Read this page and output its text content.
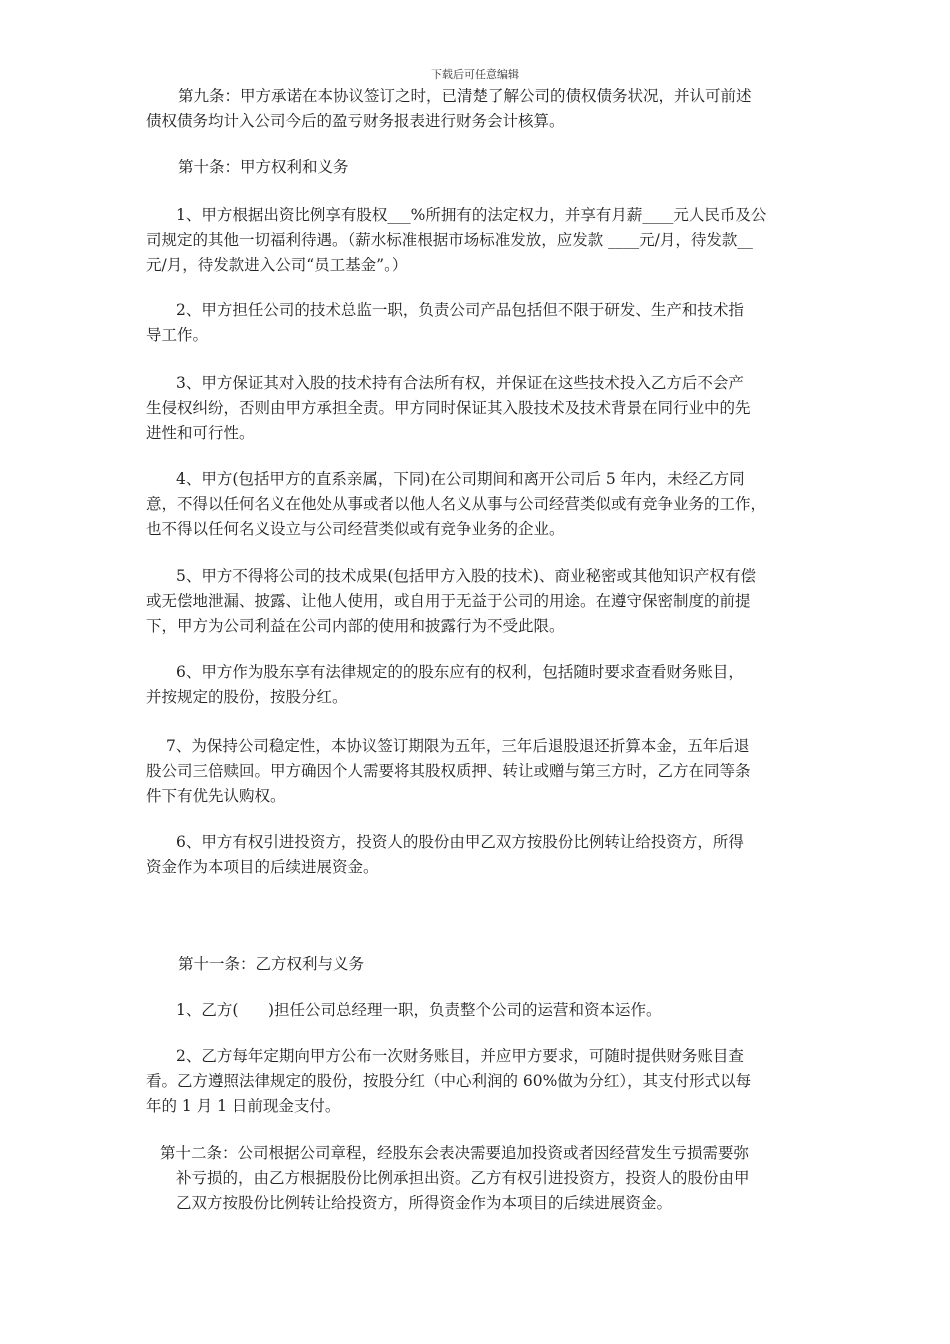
下载后可任意编辑
第九条：甲方承诺在本协议签订之时，已清楚了解公司的债权债务状况，并认可前述
债权债务均计入公司今后的盈亏财务报表进行财务会计核算。
第十条：甲方权利和义务
1、甲方根据出资比例享有股权___%所拥有的法定权力，并享有月薪____元人民币及公
司规定的其他一切福利待遇。（薪水标准根据市场标准发放，应发款 ____元/月，待发款__
元/月，待发款进入公司“员工基金”。）
2、甲方担任公司的技术总监一职，负责公司产品包括但不限于研发、生产和技术指
导工作。
3、甲方保证其对入股的技术持有合法所有权，并保证在这些技术投入乙方后不会产
生侵权纠纷，否则由甲方承担全责。甲方同时保证其入股技术及技术背景在同行业中的先
进性和可行性。
4、甲方(包括甲方的直系亲属，下同)在公司期间和离开公司后 5 年内，未经乙方同
意，不得以任何名义在他处从事或者以他人名义从事与公司经营类似或有竞争业务的工作，
也不得以任何名义设立与公司经营类似或有竞争业务的企业。
5、甲方不得将公司的技术成果(包括甲方入股的技术)、商业秘密或其他知识产权有偿
或无偿地泄漏、披露、让他人使用，或自用于无益于公司的用途。在遵守保密制度的前提
下，甲方为公司利益在公司内部的使用和披露行为不受此限。
6、甲方作为股东享有法律规定的的股东应有的权利，包括随时要求查看财务账目，
并按规定的股份，按股分红。
7、为保持公司稳定性，本协议签订期限为五年，三年后退股退还折算本金，五年后退
股公司三倍赎回。甲方确因个人需要将其股权质押、转让或赠与第三方时，乙方在同等条
件下有优先认购权。
6、甲方有权引进投资方，投资人的股份由甲乙双方按股份比例转让给投资方，所得
资金作为本项目的后续进展资金。
第十一条：乙方权利与义务
1、乙方(      )担任公司总经理一职，负责整个公司的运营和资本运作。
2、乙方每年定期向甲方公布一次财务账目，并应甲方要求，可随时提供财务账目查
看。乙方遵照法律规定的股份，按股分红（中心利润的 60%做为分红），其支付形式以每
年的 1 月 1 日前现金支付。
第十二条：公司根据公司章程，经股东会表决需要追加投资或者因经营发生亏损需要弥
补亏损的，由乙方根据股份比例承担出资。乙方有权引进投资方，投资人的股份由甲
乙双方按股份比例转让给投资方，所得资金作为本项目的后续进展资金。
